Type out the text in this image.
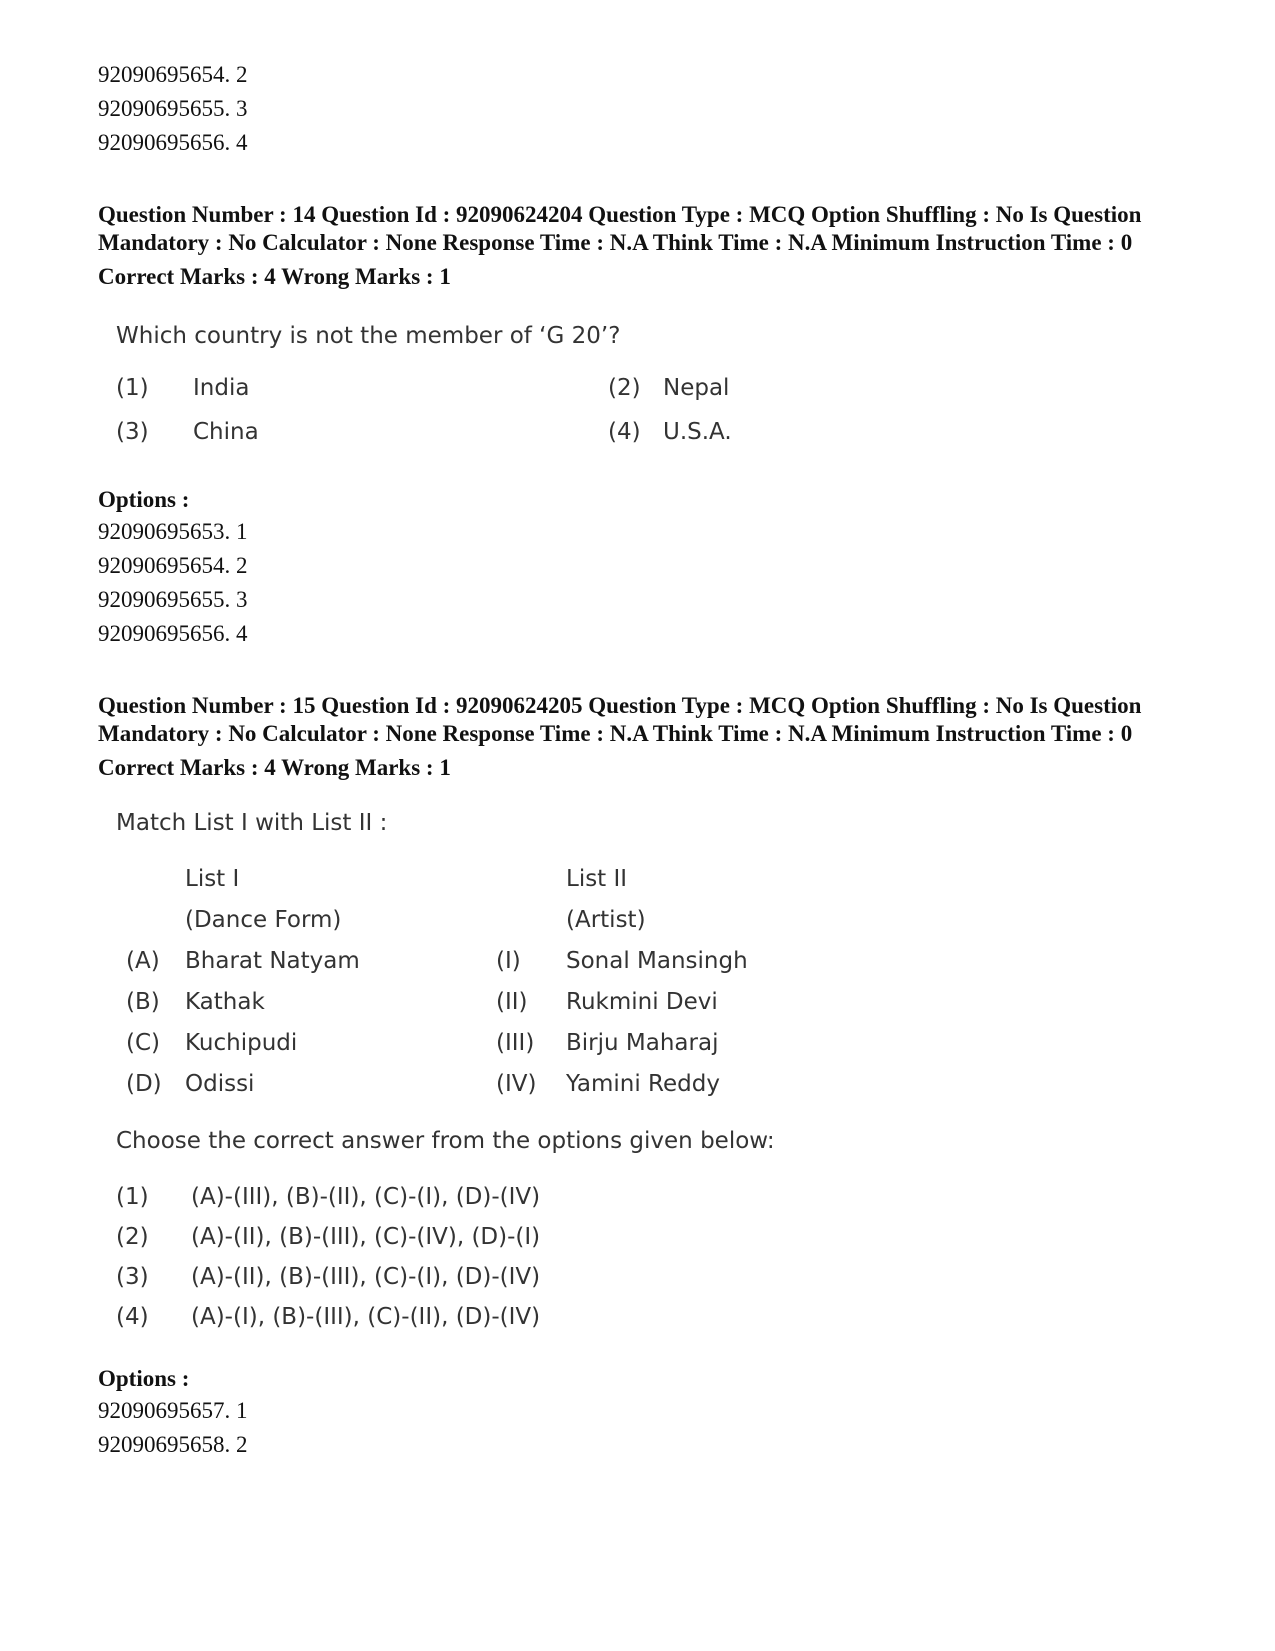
92090695654. 2
92090695655. 3
92090695656. 4
Question Number : 14 Question Id : 92090624204 Question Type : MCQ Option Shuffling : No Is Question Mandatory : No Calculator : None Response Time : N.A Think Time : N.A Minimum Instruction Time : 0
Correct Marks : 4 Wrong Marks : 1
Which country is not the member of ‘G 20’?
(1) India	(2) Nepal
(3) China	(4) U.S.A.
Options :
92090695653. 1
92090695654. 2
92090695655. 3
92090695656. 4
Question Number : 15 Question Id : 92090624205 Question Type : MCQ Option Shuffling : No Is Question Mandatory : No Calculator : None Response Time : N.A Think Time : N.A Minimum Instruction Time : 0
Correct Marks : 4 Wrong Marks : 1
Match List I with List II :
List I	List II
(Dance Form)	(Artist)
(A) Bharat Natyam	(I) Sonal Mansingh
(B) Kathak	(II) Rukmini Devi
(C) Kuchipudi	(III) Birju Maharaj
(D) Odissi	(IV) Yamini Reddy
Choose the correct answer from the options given below:
(1) (A)-(III), (B)-(II), (C)-(I), (D)-(IV)
(2) (A)-(II), (B)-(III), (C)-(IV), (D)-(I)
(3) (A)-(II), (B)-(III), (C)-(I), (D)-(IV)
(4) (A)-(I), (B)-(III), (C)-(II), (D)-(IV)
Options :
92090695657. 1
92090695658. 2
